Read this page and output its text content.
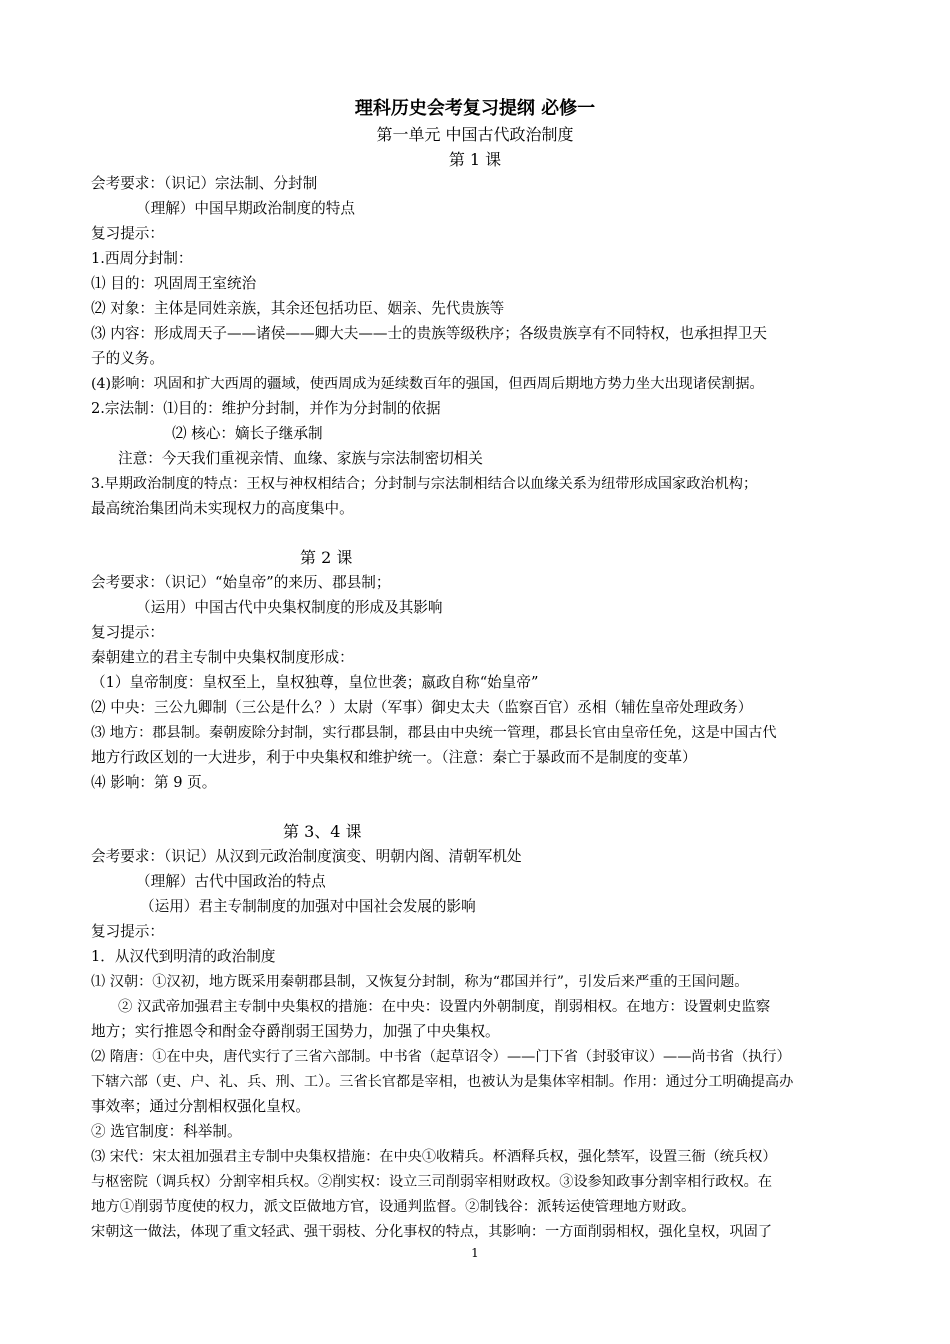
理科历史会考复习提纲 必修一
第一单元 中国古代政治制度
第 1 课
会考要求：（识记）宗法制、分封制
（理解）中国早期政治制度的特点
复习提示：
1.西周分封制：
⑴ 目的：巩固周王室统治
⑵ 对象：主体是同姓亲族，其余还包括功臣、姻亲、先代贵族等
⑶ 内容：形成周天子——诸侯——卿大夫——士的贵族等级秩序；各级贵族享有不同特权，也承担捍卫天
子的义务。
(4)影响：巩固和扩大西周的疆域，使西周成为延续数百年的强国，但西周后期地方势力坐大出现诸侯割据。
2.宗法制：⑴目的：维护分封制，并作为分封制的依据
⑵ 核心：嫡长子继承制
注意：今天我们重视亲情、血缘、家族与宗法制密切相关
3.早期政治制度的特点：王权与神权相结合；分封制与宗法制相结合以血缘关系为纽带形成国家政治机构；
最高统治集团尚未实现权力的高度集中。
第 2 课
会考要求：（识记）“始皇帝”的来历、郡县制；
（运用）中国古代中央集权制度的形成及其影响
复习提示：
秦朝建立的君主专制中央集权制度形成：
（1）皇帝制度：皇权至上，皇权独尊，皇位世袭；嬴政自称“始皇帝”
⑵ 中央：三公九卿制（三公是什么？）太尉（军事）御史太夫（监察百官）丞相（辅佐皇帝处理政务）
⑶ 地方：郡县制。秦朝废除分封制，实行郡县制，郡县由中央统一管理，郡县长官由皇帝任免，这是中国古代
地方行政区划的一大进步，利于中央集权和维护统一。（注意：秦亡于暴政而不是制度的变革）
⑷ 影响：第 9 页。
第 3、4 课
会考要求：（识记）从汉到元政治制度演变、明朝内阁、清朝军机处
（理解）古代中国政治的特点
（运用）君主专制制度的加强对中国社会发展的影响
复习提示：
1．从汉代到明清的政治制度
⑴ 汉朝：①汉初，地方既采用秦朝郡县制，又恢复分封制，称为“郡国并行”，引发后来严重的王国问题。
② 汉武帝加强君主专制中央集权的措施：在中央：设置内外朝制度，削弱相权。在地方：设置刺史监察
地方；实行推恩令和酎金夺爵削弱王国势力，加强了中央集权。
⑵ 隋唐：①在中央，唐代实行了三省六部制。中书省（起草诏令）——门下省（封驳审议）——尚书省（执行）
下辖六部（吏、户、礼、兵、刑、工）。三省长官都是宰相，也被认为是集体宰相制。作用：通过分工明确提高办
事效率；通过分割相权强化皇权。
② 选官制度：科举制。
⑶ 宋代：宋太祖加强君主专制中央集权措施：在中央①收精兵。杯酒释兵权，强化禁军，设置三衙（统兵权）
与枢密院（调兵权）分割宰相兵权。②削实权：设立三司削弱宰相财政权。③设参知政事分割宰相行政权。在
地方①削弱节度使的权力，派文臣做地方官，设通判监督。②制钱谷：派转运使管理地方财政。
宋朝这一做法，体现了重文轻武、强干弱枝、分化事权的特点，其影响：一方面削弱相权，强化皇权，巩固了
1
